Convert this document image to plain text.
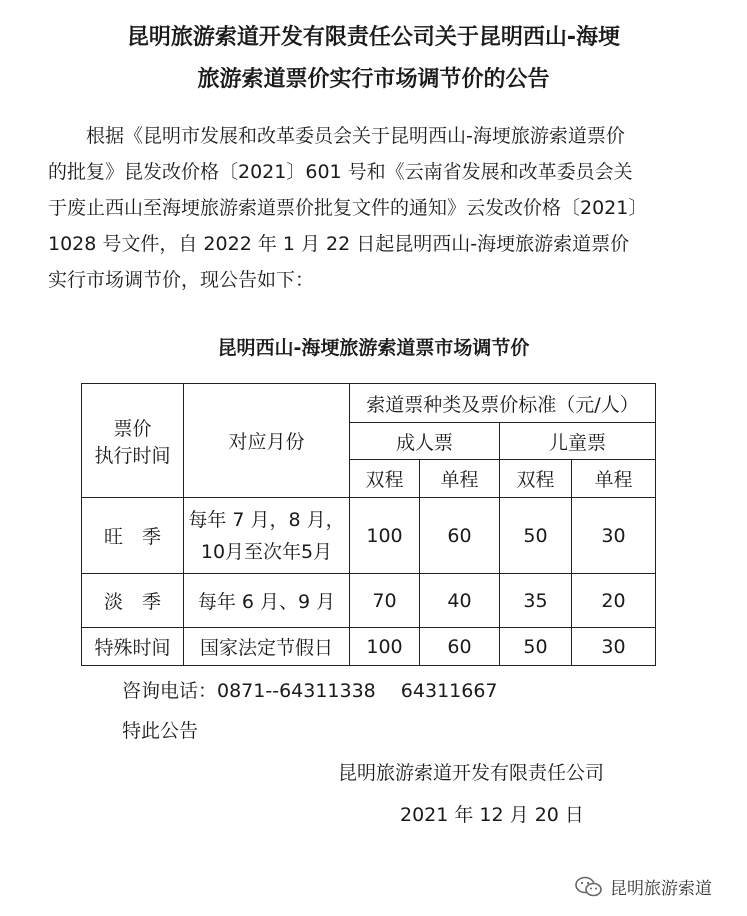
昆明旅游索道开发有限责任公司关于昆明西山-海埂
旅游索道票价实行市场调节价的公告
　　根据《昆明市发展和改革委员会关于昆明西山-海埂旅游索道票价
的批复》昆发改价格〔2021〕601 号和《云南省发展和改革委员会关
于废止西山至海埂旅游索道票价批复文件的通知》云发改价格〔2021〕
1028 号文件，自 2022 年 1 月 22 日起昆明西山-海埂旅游索道票价
实行市场调节价，现公告如下：
昆明西山-海埂旅游索道票市场调节价
票价
执行时间	对应月份	索道票种类及票价标准（元/人）			
		成人票		儿童票	
		双程	单程	双程	单程
旺　季	每年 7 月，8 月，
10月至次年5月	100	60	50	30
淡　季	每年 6 月、9 月	70	40	35	20
特殊时间	国家法定节假日	100	60	50	30
咨询电话：0871--64311338　 64311667
特此公告
昆明旅游索道开发有限责任公司
2021 年 12 月 20 日
昆明旅游索道
